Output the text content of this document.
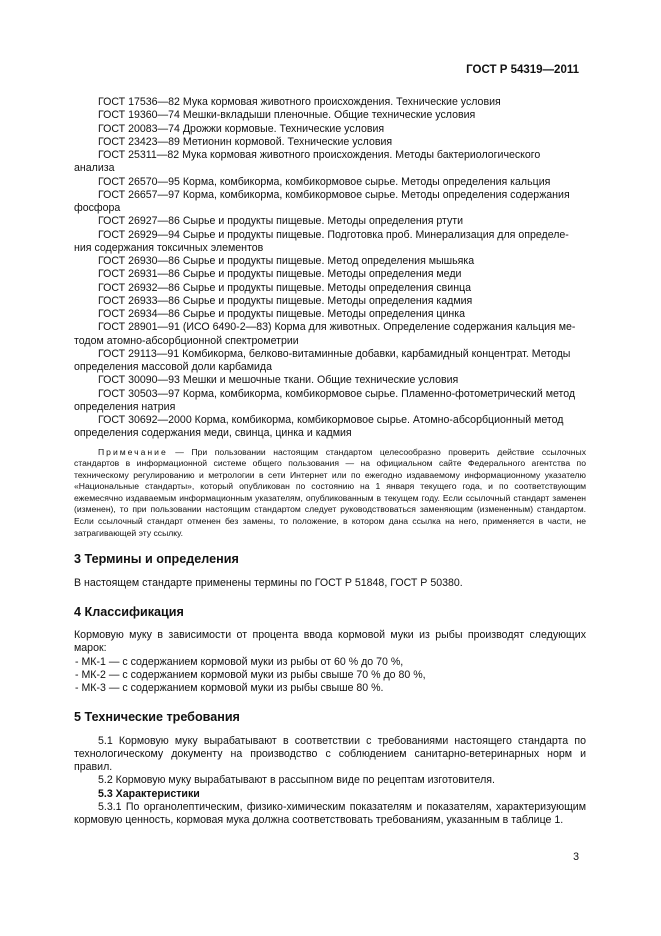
ГОСТ Р 54319—2011
ГОСТ 17536—82 Мука кормовая животного происхождения. Технические условия
ГОСТ 19360—74 Мешки-вкладыши пленочные. Общие технические условия
ГОСТ 20083—74 Дрожжи кормовые. Технические условия
ГОСТ 23423—89 Метионин кормовой. Технические условия
ГОСТ 25311—82 Мука кормовая животного происхождения. Методы бактериологического
анализа
ГОСТ 26570—95 Корма, комбикорма, комбикормовое сырье. Методы определения кальция
ГОСТ 26657—97 Корма, комбикорма, комбикормовое сырье. Методы определения содержания
фосфора
ГОСТ 26927—86 Сырье и продукты пищевые. Методы определения ртути
ГОСТ 26929—94 Сырье и продукты пищевые. Подготовка проб. Минерализация для определе-
ния содержания токсичных элементов
ГОСТ 26930—86 Сырье и продукты пищевые. Метод определения мышьяка
ГОСТ 26931—86 Сырье и продукты пищевые. Методы определения меди
ГОСТ 26932—86 Сырье и продукты пищевые. Методы определения свинца
ГОСТ 26933—86 Сырье и продукты пищевые. Методы определения кадмия
ГОСТ 26934—86 Сырье и продукты пищевые. Методы определения цинка
ГОСТ 28901—91 (ИСО 6490-2—83) Корма для животных. Определение содержания кальция ме-
тодом атомно-абсорбционной спектрометрии
ГОСТ 29113—91 Комбикорма, белково-витаминные добавки, карбамидный концентрат. Методы
определения массовой доли карбамида
ГОСТ 30090—93 Мешки и мешочные ткани. Общие технические условия
ГОСТ 30503—97 Корма, комбикорма, комбикормовое сырье. Пламенно-фотометрический метод
определения натрия
ГОСТ 30692—2000 Корма, комбикорма, комбикормовое сырье. Атомно-абсорбционный метод
определения содержания меди, свинца, цинка и кадмия
Примечание — При пользовании настоящим стандартом целесообразно проверить действие ссылочных стандартов в информационной системе общего пользования — на официальном сайте Федерального агентства по техническому регулированию и метрологии в сети Интернет или по ежегодно издаваемому информационному указателю «Национальные стандарты», который опубликован по состоянию на 1 января текущего года, и по соответствующим ежемесячно издаваемым информационным указателям, опубликованным в текущем году. Если ссылочный стандарт заменен (изменен), то при пользовании настоящим стандартом следует руководствоваться заменяющим (измененным) стандартом. Если ссылочный стандарт отменен без замены, то положение, в котором дана ссылка на него, применяется в части, не затрагивающей эту ссылку.
3 Термины и определения

В настоящем стандарте применены термины по ГОСТ Р 51848, ГОСТ Р 50380.

4 Классификация

Кормовую муку в зависимости от процента ввода кормовой муки из рыбы производят следующих марок:

- МК-1 — с содержанием кормовой муки из рыбы от 60 % до 70 %,
- МК-2 — с содержанием кормовой муки из рыбы свыше 70 % до 80 %,
- МК-3 — с содержанием кормовой муки из рыбы свыше 80 %.
5 Технические требования

5.1 Кормовую муку вырабатывают в соответствии с требованиями настоящего стандарта по технологическому документу на производство с соблюдением санитарно-ветеринарных норм и правил.

5.2 Кормовую муку вырабатывают в рассыпном виде по рецептам изготовителя.

5.3 Характеристики

5.3.1 По органолептическим, физико-химическим показателям и показателям, характеризующим кормовую ценность, кормовая мука должна соответствовать требованиям, указанным в таблице 1.

3
